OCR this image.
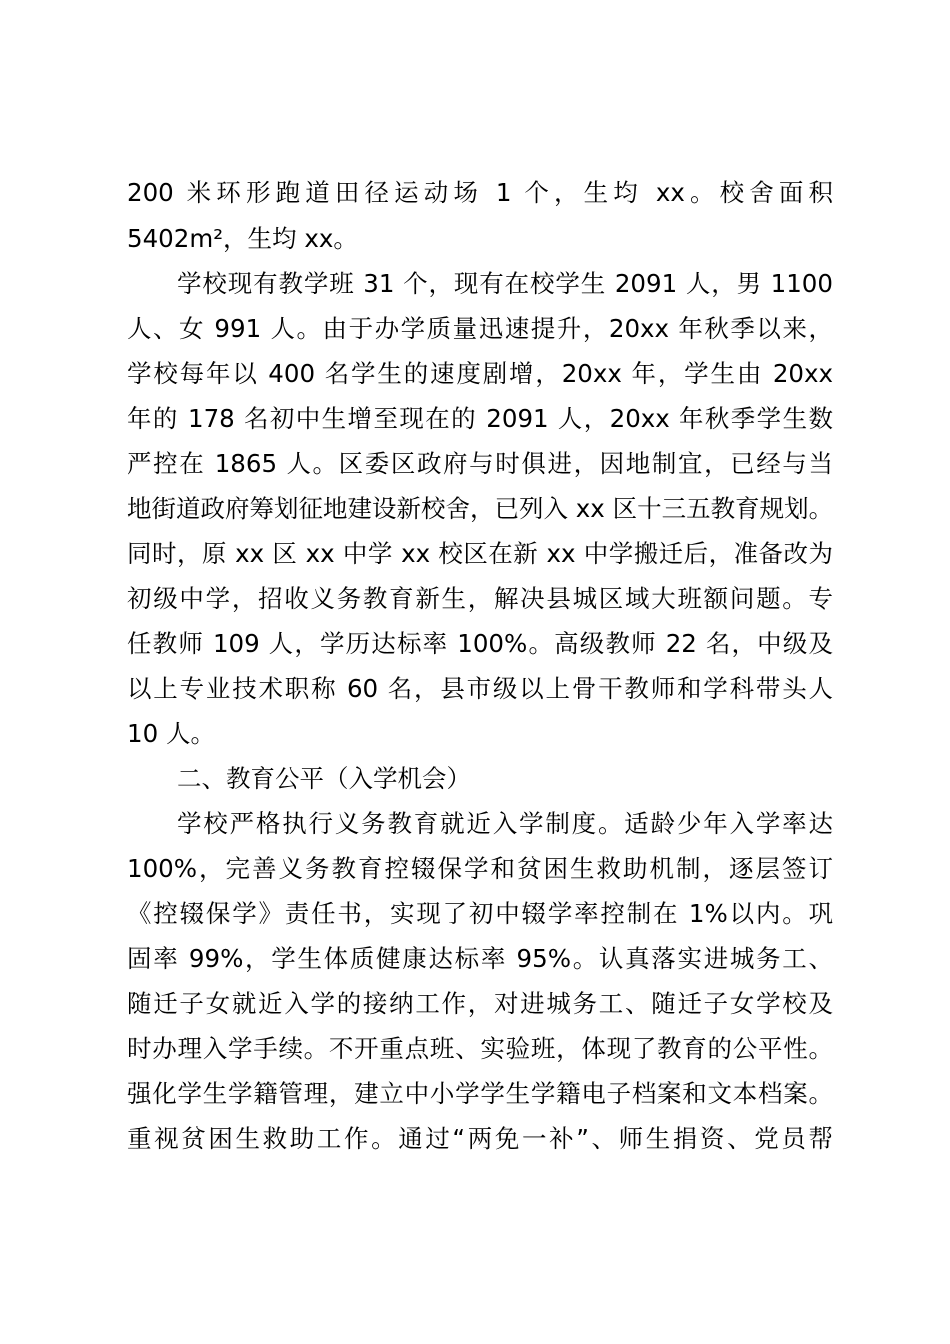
200 米环形跑道田径运动场 1 个，生均 xx。校舍面积
5402m²，生均 xx。
学校现有教学班 31 个，现有在校学生 2091 人，男 1100
人、女 991 人。由于办学质量迅速提升，20xx 年秋季以来，
学校每年以 400 名学生的速度剧增，20xx 年，学生由 20xx
年的 178 名初中生增至现在的 2091 人，20xx 年秋季学生数
严控在 1865 人。区委区政府与时俱进，因地制宜，已经与当
地街道政府筹划征地建设新校舍，已列入 xx 区十三五教育规划。
同时，原 xx 区 xx 中学 xx 校区在新 xx 中学搬迁后，准备改为
初级中学，招收义务教育新生，解决县城区域大班额问题。专
任教师 109 人，学历达标率 100%。高级教师 22 名，中级及
以上专业技术职称 60 名，县市级以上骨干教师和学科带头人
10 人。
二、教育公平（入学机会）
学校严格执行义务教育就近入学制度。适龄少年入学率达
100%，完善义务教育控辍保学和贫困生救助机制，逐层签订
《控辍保学》责任书，实现了初中辍学率控制在 1%以内。巩
固率 99%，学生体质健康达标率 95%。认真落实进城务工、
随迁子女就近入学的接纳工作，对进城务工、随迁子女学校及
时办理入学手续。不开重点班、实验班，体现了教育的公平性。
强化学生学籍管理，建立中小学学生学籍电子档案和文本档案。
重视贫困生救助工作。通过“两免一补”、师生捐资、党员帮
